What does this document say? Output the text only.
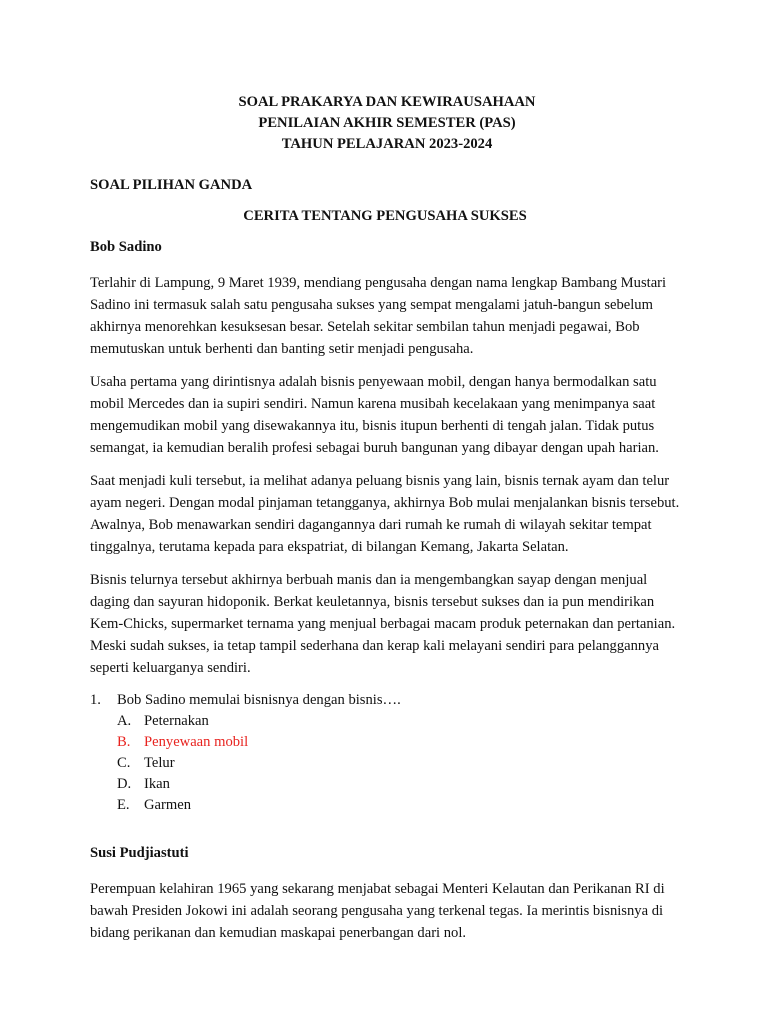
SOAL PRAKARYA DAN KEWIRAUSAHAAN
PENILAIAN AKHIR SEMESTER (PAS)
TAHUN PELAJARAN 2023-2024
SOAL PILIHAN GANDA
CERITA TENTANG PENGUSAHA SUKSES
Bob Sadino

Terlahir di Lampung, 9 Maret 1939, mendiang pengusaha dengan nama lengkap Bambang Mustari Sadino ini termasuk salah satu pengusaha sukses yang sempat mengalami jatuh-bangun sebelum akhirnya menorehkan kesuksesan besar. Setelah sekitar sembilan tahun menjadi pegawai, Bob memutuskan untuk berhenti dan banting setir menjadi pengusaha.

Usaha pertama yang dirintisnya adalah bisnis penyewaan mobil, dengan hanya bermodalkan satu mobil Mercedes dan ia supiri sendiri. Namun karena musibah kecelakaan yang menimpanya saat mengemudikan mobil yang disewakannya itu, bisnis itupun berhenti di tengah jalan. Tidak putus semangat, ia kemudian beralih profesi sebagai buruh bangunan yang dibayar dengan upah harian.

Saat menjadi kuli tersebut, ia melihat adanya peluang bisnis yang lain, bisnis ternak ayam dan telur ayam negeri. Dengan modal pinjaman tetangganya, akhirnya Bob mulai menjalankan bisnis tersebut. Awalnya, Bob menawarkan sendiri dagangannya dari rumah ke rumah di wilayah sekitar tempat tinggalnya, terutama kepada para ekspatriat, di bilangan Kemang, Jakarta Selatan.

Bisnis telurnya tersebut akhirnya berbuah manis dan ia mengembangkan sayap dengan menjual daging dan sayuran hidoponik. Berkat keuletannya, bisnis tersebut sukses dan ia pun mendirikan Kem-Chicks, supermarket ternama yang menjual berbagai macam produk peternakan dan pertanian. Meski sudah sukses, ia tetap tampil sederhana dan kerap kali melayani sendiri para pelanggannya seperti keluarganya sendiri.

1.	Bob Sadino memulai bisnisnya dengan bisnis….
A. Peternakan
B. Penyewaan mobil
C. Telur
D. Ikan
E. Garmen
Susi Pudjiastuti

Perempuan kelahiran 1965 yang sekarang menjabat sebagai Menteri Kelautan dan Perikanan RI di bawah Presiden Jokowi ini adalah seorang pengusaha yang terkenal tegas. Ia merintis bisnisnya di bidang perikanan dan kemudian maskapai penerbangan dari nol.
